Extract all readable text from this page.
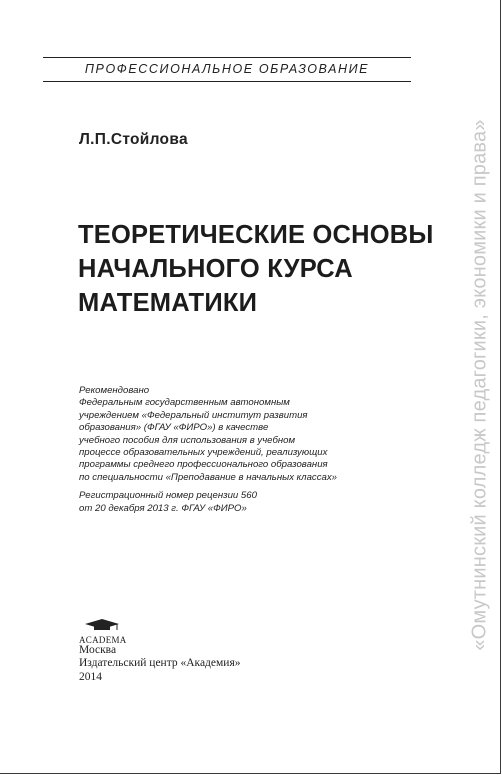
ПРОФЕССИОНАЛЬНОЕ ОБРАЗОВАНИЕ
Л.П.Стойлова
ТЕОРЕТИЧЕСКИЕ ОСНОВЫ
НАЧАЛЬНОГО КУРСА
МАТЕМАТИКИ
Рекомендовано
Федеральным государственным автономным
учреждением «Федеральный институт развития
образования» (ФГАУ «ФИРО») в качестве
учебного пособия для использования в учебном
процессе образовательных учреждений, реализующих
программы среднего профессионального образования
по специальности «Преподавание в начальных классах»
Регистрационный номер рецензии 560
от 20 декабря 2013 г. ФГАУ «ФИРО»
ACADEMA
Москва
Издательский центр «Академия»
2014
«Омутнинский колледж педагогики, экономики и права»
